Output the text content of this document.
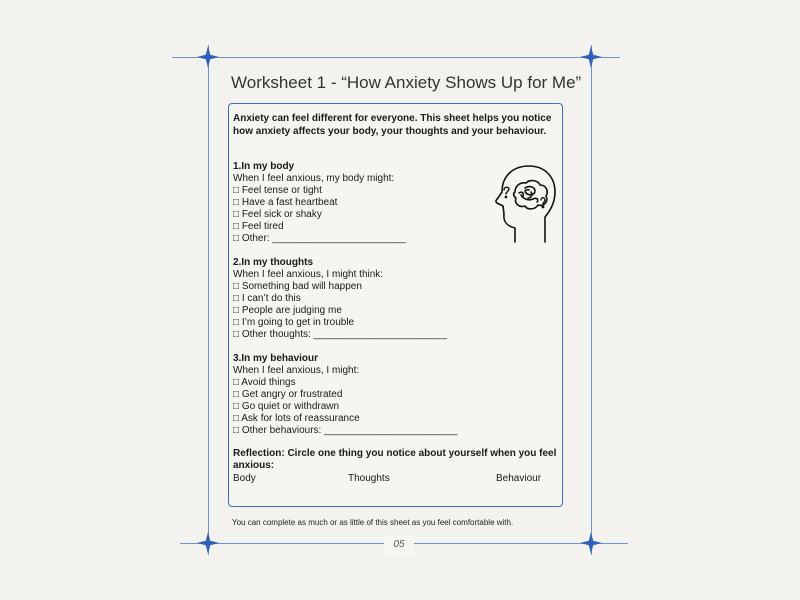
Worksheet 1 - “How Anxiety Shows Up for Me”
Anxiety can feel different for everyone. This sheet helps you notice how anxiety affects your body, your thoughts and your behaviour.
1.In my body
When I feel anxious, my body might:
□ Feel tense or tight
□ Have a fast heartbeat
□ Feel sick or shaky
□ Feel tired
□ Other: ________________________
2.In my thoughts
When I feel anxious, I might think:
□ Something bad will happen
□ I can’t do this
□ People are judging me
□ I’m going to get in trouble
□ Other thoughts: ________________________
3.In my behaviour
When I feel anxious, I might:
□ Avoid things
□ Get angry or frustrated
□ Go quiet or withdrawn
□ Ask for lots of reassurance
□ Other behaviours: ________________________
Reflection: Circle one thing you notice about yourself when you feel anxious:
Body	Thoughts	Behaviour
You can complete as much or as little of this sheet as you feel comfortable with.
05
